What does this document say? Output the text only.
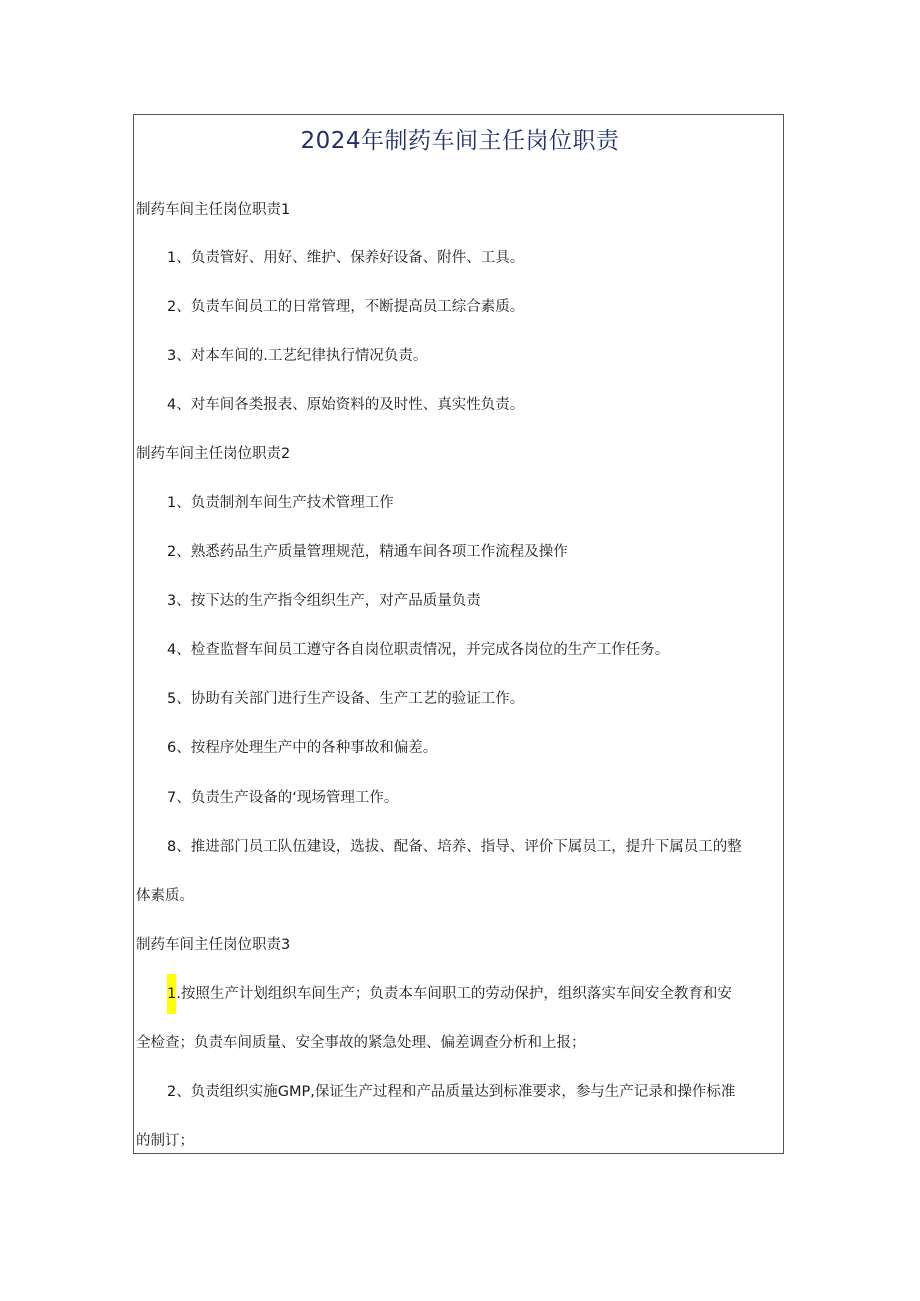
2024年制药车间主任岗位职责

制药车间主任岗位职责1

1、负责管好、用好、维护、保养好设备、附件、工具。

2、负责车间员工的日常管理，不断提高员工综合素质。

3、对本车间的.工艺纪律执行情况负责。

4、对车间各类报表、原始资料的及时性、真实性负责。

制药车间主任岗位职责2

1、负责制剂车间生产技术管理工作

2、熟悉药品生产质量管理规范，精通车间各项工作流程及操作

3、按下达的生产指令组织生产，对产品质量负责

4、检查监督车间员工遵守各自岗位职责情况，并完成各岗位的生产工作任务。

5、协助有关部门进行生产设备、生产工艺的验证工作。

6、按程序处理生产中的各种事故和偏差。

7、负责生产设备的‘现场管理工作。

8、推进部门员工队伍建设，选拔、配备、培养、指导、评价下属员工，提升下属员工的整

体素质。

制药车间主任岗位职责3

1.按照生产计划组织车间生产；负责本车间职工的劳动保护，组织落实车间安全教育和安

全检查；负责车间质量、安全事故的紧急处理、偏差调查分析和上报；

2、负责组织实施GMP,保证生产过程和产品质量达到标准要求，参与生产记录和操作标准

的制订；
